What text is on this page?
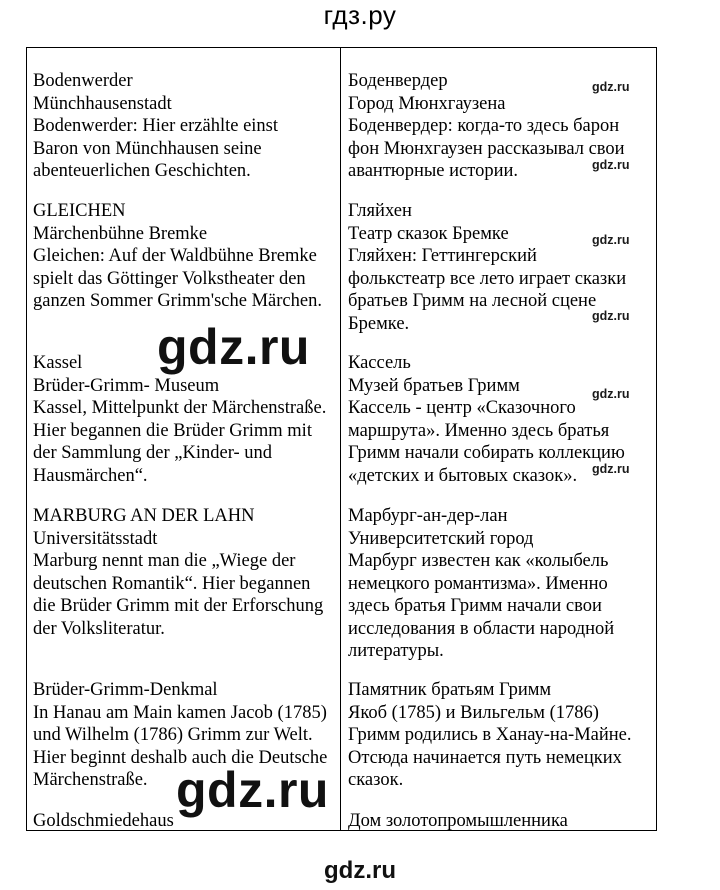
гдз.ру
Bodenwerder
Münchhausenstadt
Bodenwerder: Hier erzählte einst
Baron von Münchhausen seine
abenteuerlichen Geschichten.
GLEICHEN
Märchenbühne Bremke
Gleichen: Auf der Waldbühne Bremke
spielt das Göttinger Volkstheater den
ganzen Sommer Grimm'sche Märchen.
Kassel
Brüder-Grimm- Museum
Kassel, Mittelpunkt der Märchenstraße.
Hier begannen die Brüder Grimm mit
der Sammlung der „Kinder- und
Hausmärchen“.
MARBURG AN DER LAHN
Universitätsstadt
Marburg nennt man die „Wiege der
deutschen Romantik“. Hier begannen
die Brüder Grimm mit der Erforschung
der Volksliteratur.
Brüder-Grimm-Denkmal
In Hanau am Main kamen Jacob (1785)
und Wilhelm (1786) Grimm zur Welt.
Hier beginnt deshalb auch die Deutsche
Märchenstraße.
Goldschmiedehaus
Боденвердер
Город Мюнхгаузена
Боденвердер: когда-то здесь барон
фон Мюнхгаузен рассказывал свои
авантюрные истории.
Гляйхен
Театр сказок Бремке
Гляйхен: Геттингерский
фолькстеатр все лето играет сказки
братьев Гримм на лесной сцене
Бремке.
Кассель
Музей братьев Гримм
Кассель - центр «Сказочного
маршрута». Именно здесь братья
Гримм начали собирать коллекцию
«детских и бытовых сказок».
Марбург-ан-дер-лан
Университетский город
Марбург известен как «колыбель
немецкого романтизма». Именно
здесь братья Гримм начали свои
исследования в области народной
литературы.
Памятник братьям Гримм
Якоб (1785) и Вильгельм (1786)
Гримм родились в Ханау-на-Майне.
Отсюда начинается путь немецких
сказок.
Дом золотопромышленника
gdz.ru
gdz.ru
gdz.ru
gdz.ru
gdz.ru
gdz.ru
gdz.ru
gdz.ru
gdz.ru
